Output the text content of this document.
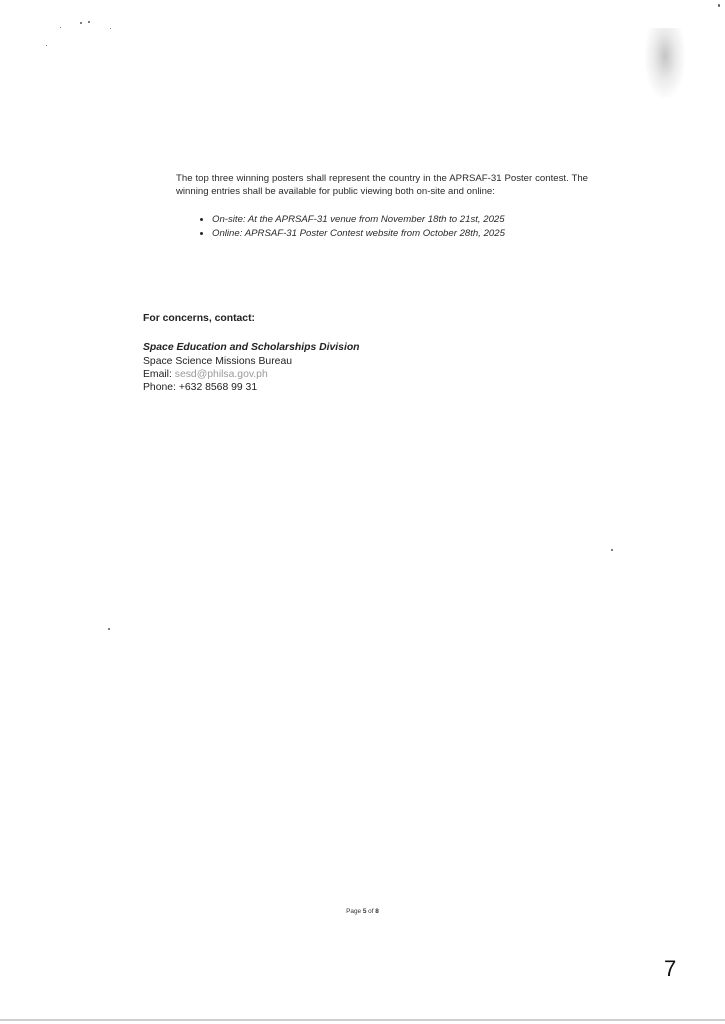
The top three winning posters shall represent the country in the APRSAF-31 Poster contest. The winning entries shall be available for public viewing both on-site and online:
• On-site: At the APRSAF-31 venue from November 18th to 21st, 2025
• Online: APRSAF-31 Poster Contest website from October 28th, 2025
For concerns, contact:
Space Education and Scholarships Division
Space Science Missions Bureau
Email: sesd@philsa.gov.ph
Phone: +632 8568 99 31
Page 5 of 8
7
